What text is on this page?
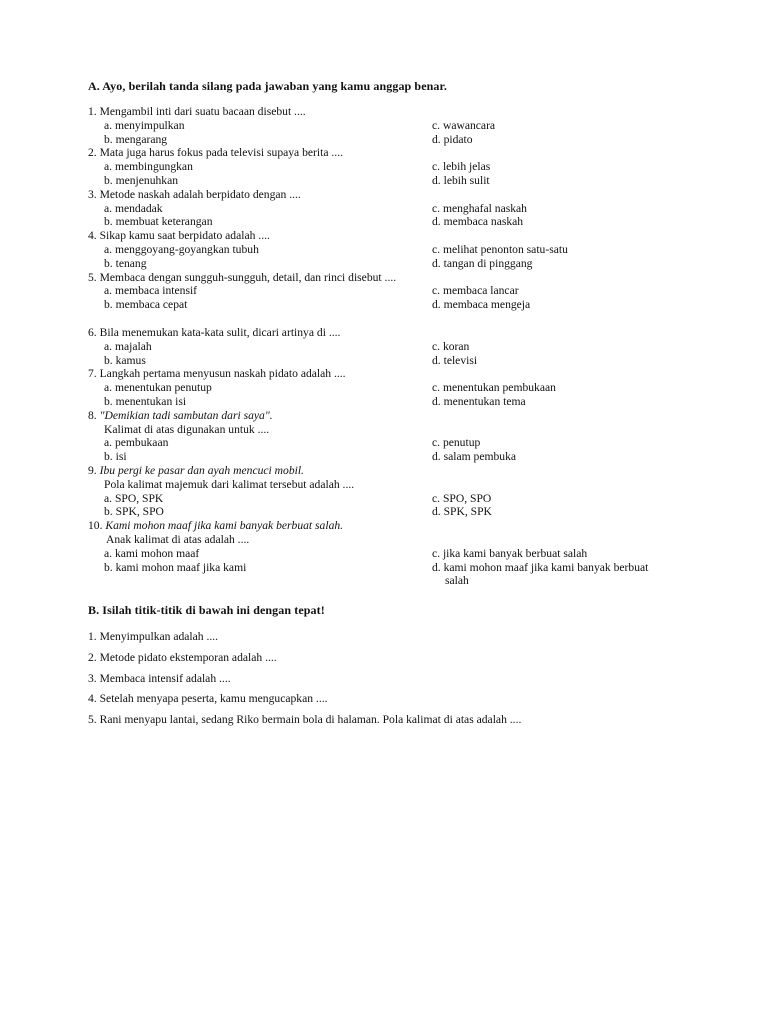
A. Ayo, berilah tanda silang pada jawaban yang kamu anggap benar.

1. Mengambil inti dari suatu bacaan disebut ....
a. menyimpulkan	c. wawancara
b. mengarang	d. pidato
2. Mata juga harus fokus pada televisi supaya berita ....
a. membingungkan	c. lebih jelas
b. menjenuhkan	d. lebih sulit
3. Metode naskah adalah berpidato dengan ....
a. mendadak	c. menghafal naskah
b. membuat keterangan	d. membaca naskah
4. Sikap kamu saat berpidato adalah ....
a. menggoyang-goyangkan tubuh	c. melihat penonton satu-satu
b. tenang	d. tangan di pinggang
5. Membaca dengan sungguh-sungguh, detail, dan rinci disebut ....
a. membaca intensif	c. membaca lancar
b. membaca cepat	d. membaca mengeja
6. Bila menemukan kata-kata sulit, dicari artinya di ....
a. majalah	c. koran
b. kamus	d. televisi
7. Langkah pertama menyusun naskah pidato adalah ....
a. menentukan penutup	c. menentukan pembukaan
b. menentukan isi	d. menentukan tema
8. "Demikian tadi sambutan dari saya".
Kalimat di atas digunakan untuk ....
a. pembukaan	c. penutup
b. isi	d. salam pembuka
9. Ibu pergi ke pasar dan ayah mencuci mobil.
Pola kalimat majemuk dari kalimat tersebut adalah ....
a. SPO, SPK	c. SPO, SPO
b. SPK, SPO	d. SPK, SPK
10. Kami mohon maaf jika kami banyak berbuat salah.
Anak kalimat di atas adalah ....
a. kami mohon maaf	c. jika kami banyak berbuat salah
b. kami mohon maaf jika kami	d. kami mohon maaf jika kami banyak berbuat
salah

B. Isilah titik-titik di bawah ini dengan tepat!

1. Menyimpulkan adalah ....
2. Metode pidato ekstemporan adalah ....
3. Membaca intensif adalah ....
4. Setelah menyapa peserta, kamu mengucapkan ....
5. Rani menyapu lantai, sedang Riko bermain bola di halaman. Pola kalimat di atas adalah ....
